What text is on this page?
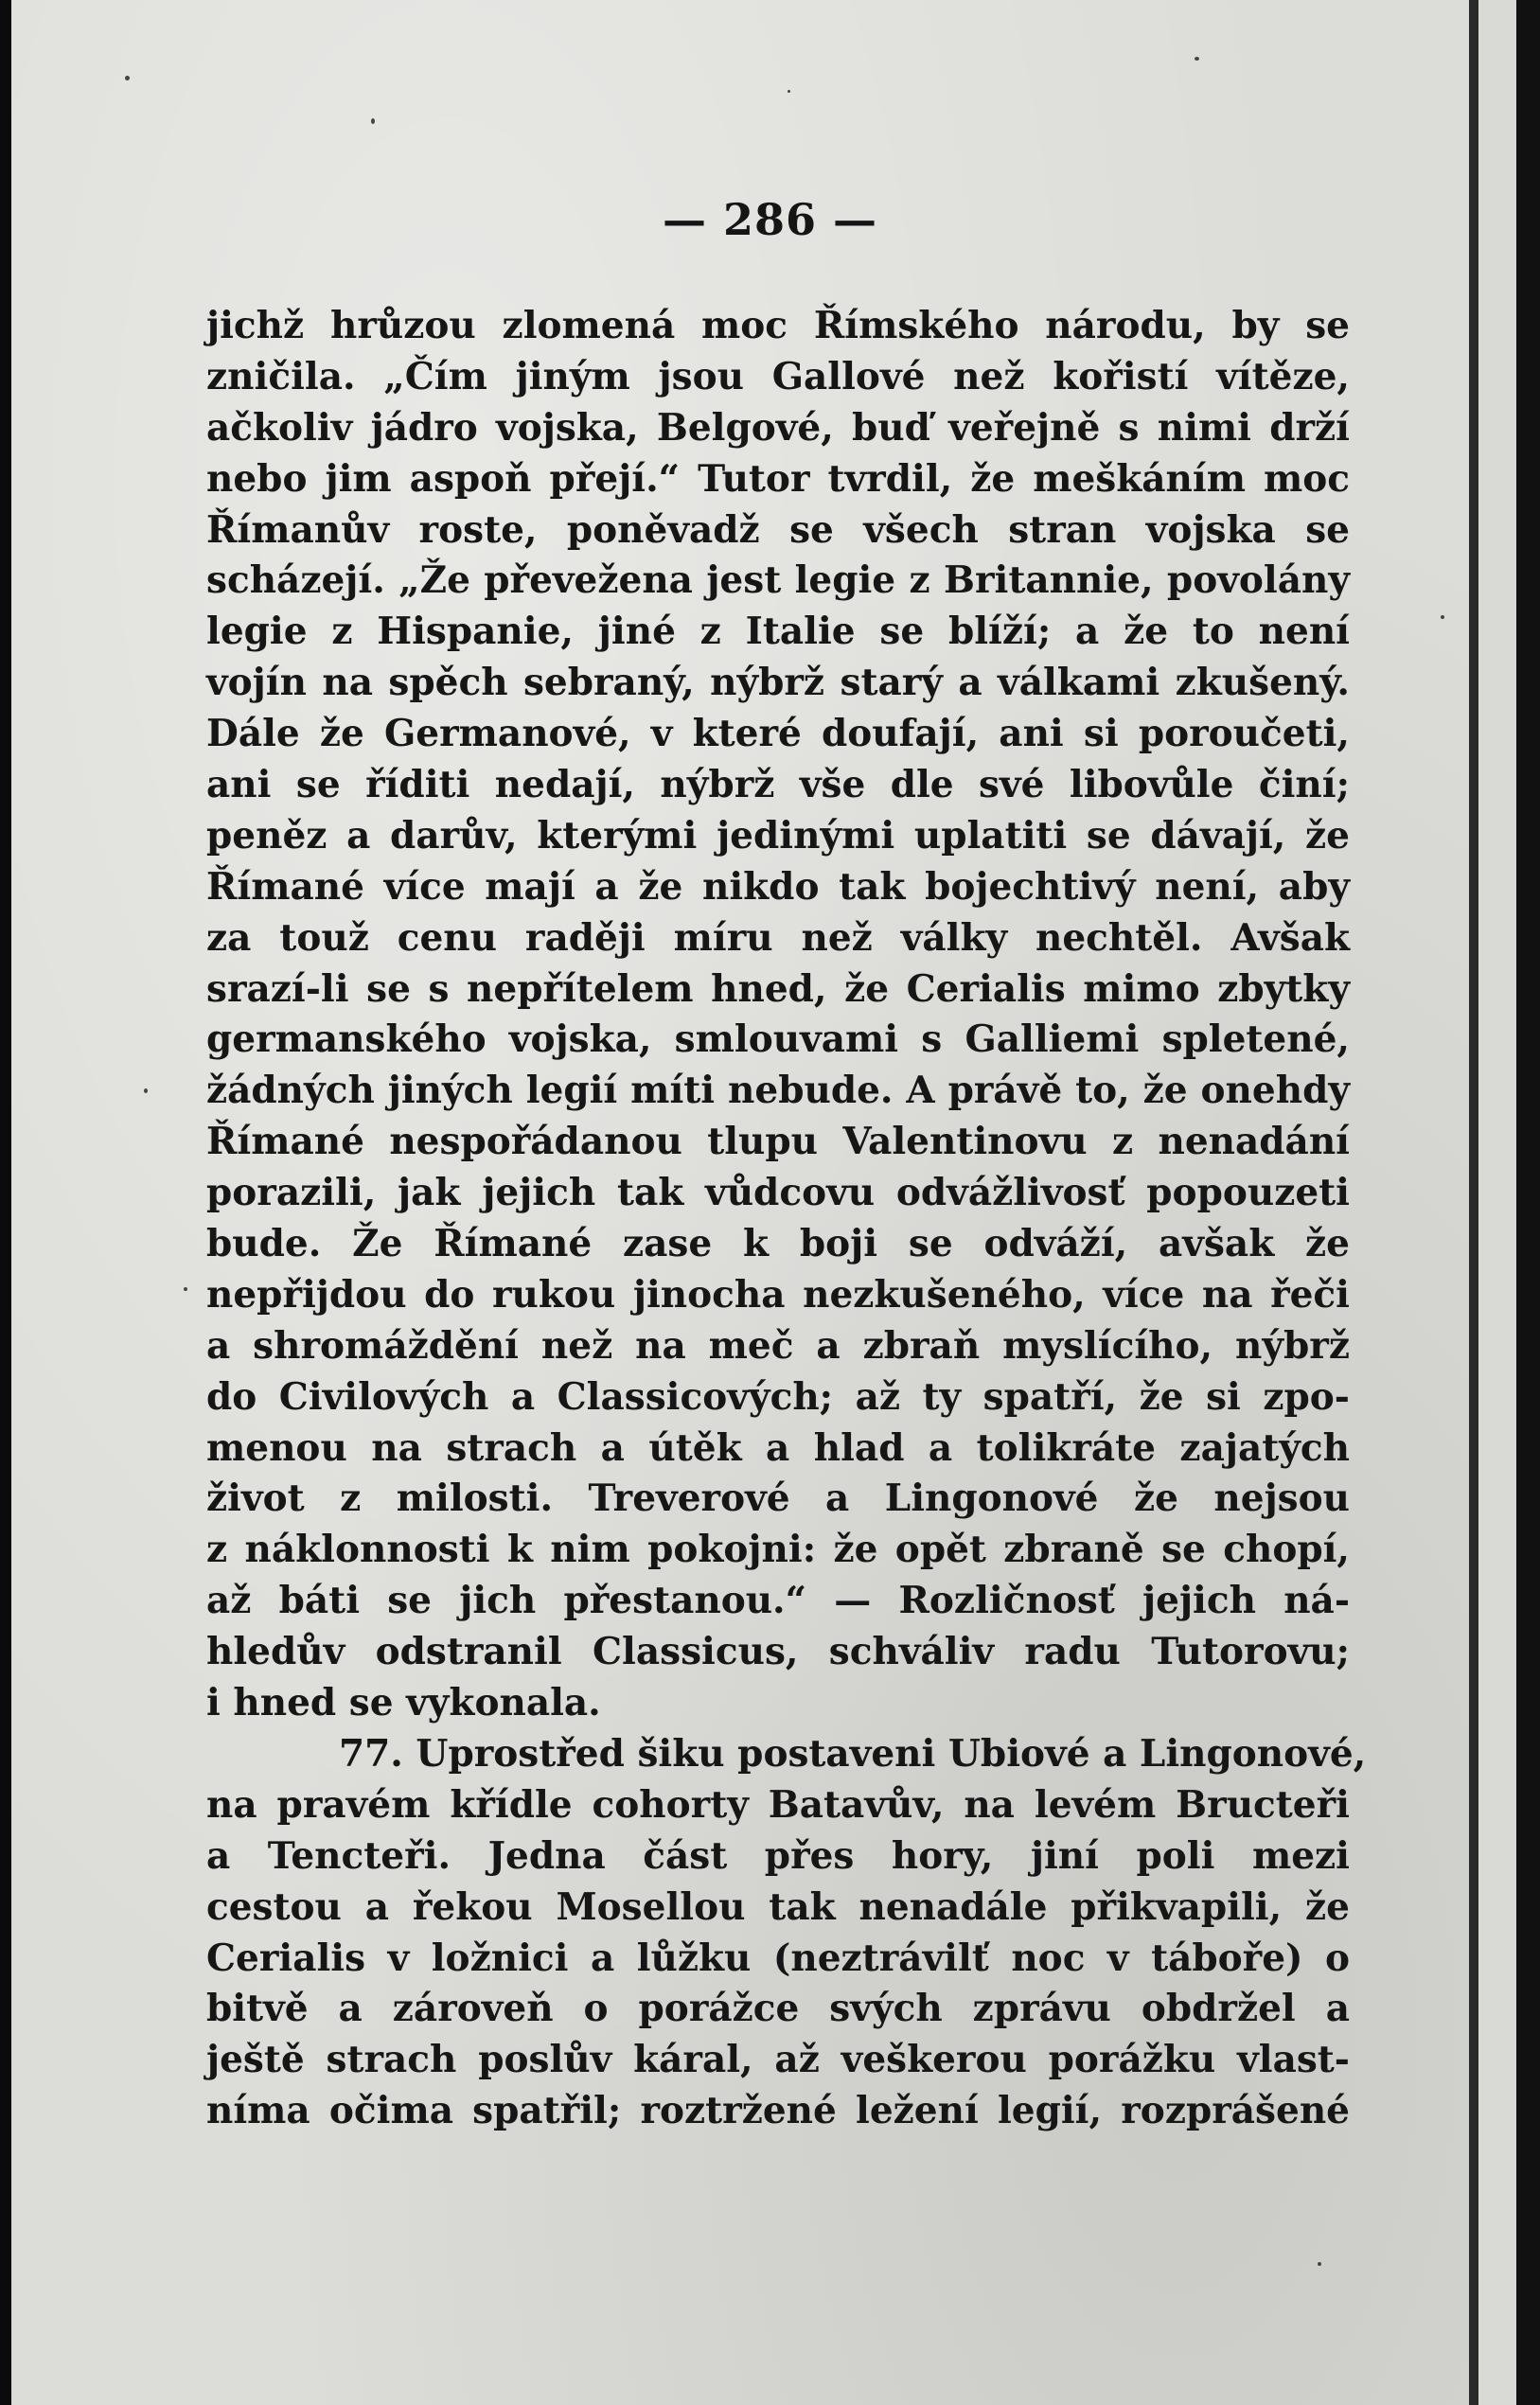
— 286 —
jichž hrůzou zlomená moc Římského národu, by se
zničila. „Čím jiným jsou Gallové než kořistí vítěze,
ačkoliv jádro vojska, Belgové, buď veřejně s nimi drží
nebo jim aspoň přejí.“ Tutor tvrdil, že meškáním moc
Římanův roste, poněvadž se všech stran vojska se
scházejí. „Že převežena jest legie z Britannie, povolány
legie z Hispanie, jiné z Italie se blíží; a že to není
vojín na spěch sebraný, nýbrž starý a válkami zkušený.
Dále že Germanové, v které doufají, ani si poroučeti,
ani se říditi nedají, nýbrž vše dle své libovůle činí;
peněz a darův, kterými jedinými uplatiti se dávají, že
Římané více mají a že nikdo tak bojechtivý není, aby
za touž cenu raději míru než války nechtěl. Avšak
srazí-li se s nepřítelem hned, že Cerialis mimo zbytky
germanského vojska, smlouvami s Galliemi spletené,
žádných jiných legií míti nebude. A právě to, že onehdy
Římané nespořádanou tlupu Valentinovu z nenadání
porazili, jak jejich tak vůdcovu odvážlivosť popouzeti
bude. Že Římané zase k boji se odváží, avšak že
nepřijdou do rukou jinocha nezkušeného, více na řeči
a shromáždění než na meč a zbraň myslícího, nýbrž
do Civilových a Classicových; až ty spatří, že si zpo-
menou na strach a útěk a hlad a tolikráte zajatých
život z milosti. Treverové a Lingonové že nejsou
z náklonnosti k nim pokojni: že opět zbraně se chopí,
až báti se jich přestanou.“ — Rozličnosť jejich ná-
hledův odstranil Classicus, schváliv radu Tutorovu;
i hned se vykonala.
77. Uprostřed šiku postaveni Ubiové a Lingonové,
na pravém křídle cohorty Batavův, na levém Bructeři
a Tencteři. Jedna část přes hory, jiní poli mezi
cestou a řekou Mosellou tak nenadále přikvapili, že
Cerialis v ložnici a lůžku (neztrávilť noc v táboře) o
bitvě a zároveň o porážce svých zprávu obdržel a
ještě strach poslův káral, až veškerou porážku vlast-
níma očima spatřil; roztržené ležení legií, rozprášené
